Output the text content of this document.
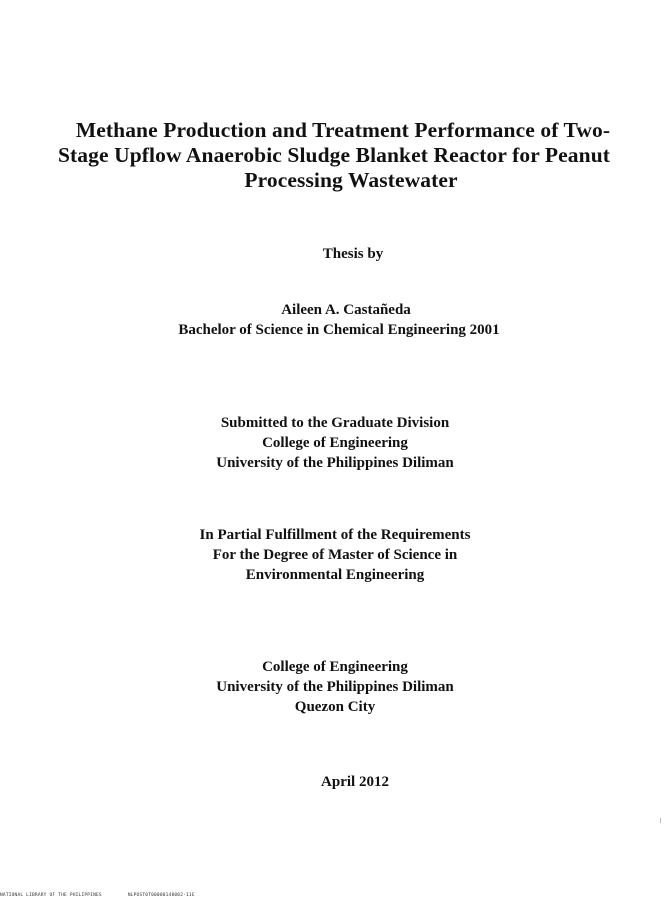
Methane Production and Treatment Performance of Two-
Stage Upflow Anaerobic Sludge Blanket Reactor for Peanut
Processing Wastewater
Thesis by
Aileen A. Castañeda
Bachelor of Science in Chemical Engineering 2001
Submitted to the Graduate Division
College of Engineering
University of the Philippines Diliman
In Partial Fulfillment of the Requirements
For the Degree of Master of Science in
Environmental Engineering
College of Engineering
University of the Philippines Diliman
Quezon City
April 2012
NATIONAL LIBRARY OF THE PHILIPPINES	NLPOST0T00000148002-11E
